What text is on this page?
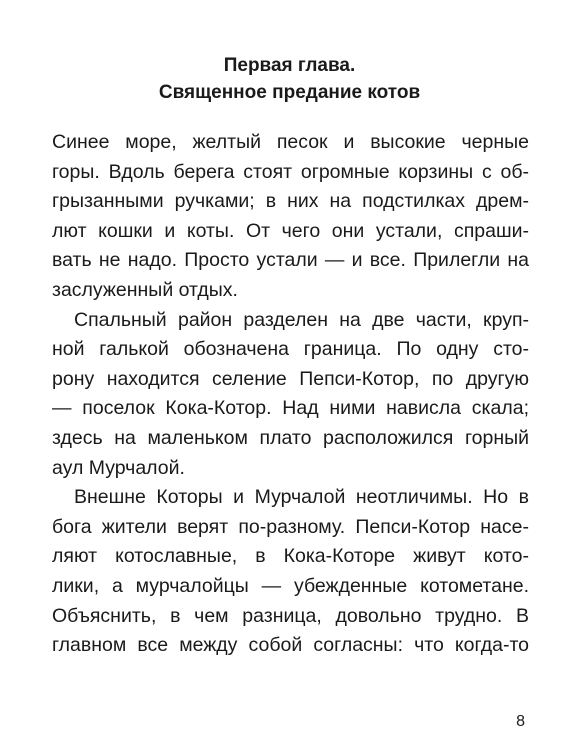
Первая глава.
Священное предание котов
Синее море, желтый песок и высокие черные
горы. Вдоль берега стоят огромные корзины с об-
грызанными ручками; в них на подстилках дрем-
лют кошки и коты. От чего они устали, спраши-
вать не надо. Просто устали — и все. Прилегли на
заслуженный отдых.
Спальный район разделен на две части, круп-
ной галькой обозначена граница. По одну сто-
рону находится селение Пепси-Котор, по другую
— поселок Кока-Котор. Над ними нависла скала;
здесь на маленьком плато расположился горный
аул Мурчалой.
Внешне Которы и Мурчалой неотличимы. Но в
бога жители верят по-разному. Пепси-Котор насе-
ляют котославные, в Кока-Которе живут кото-
лики, а мурчалойцы — убежденные котометане.
Объяснить, в чем разница, довольно трудно. В
главном все между собой согласны: что когда-то
8
